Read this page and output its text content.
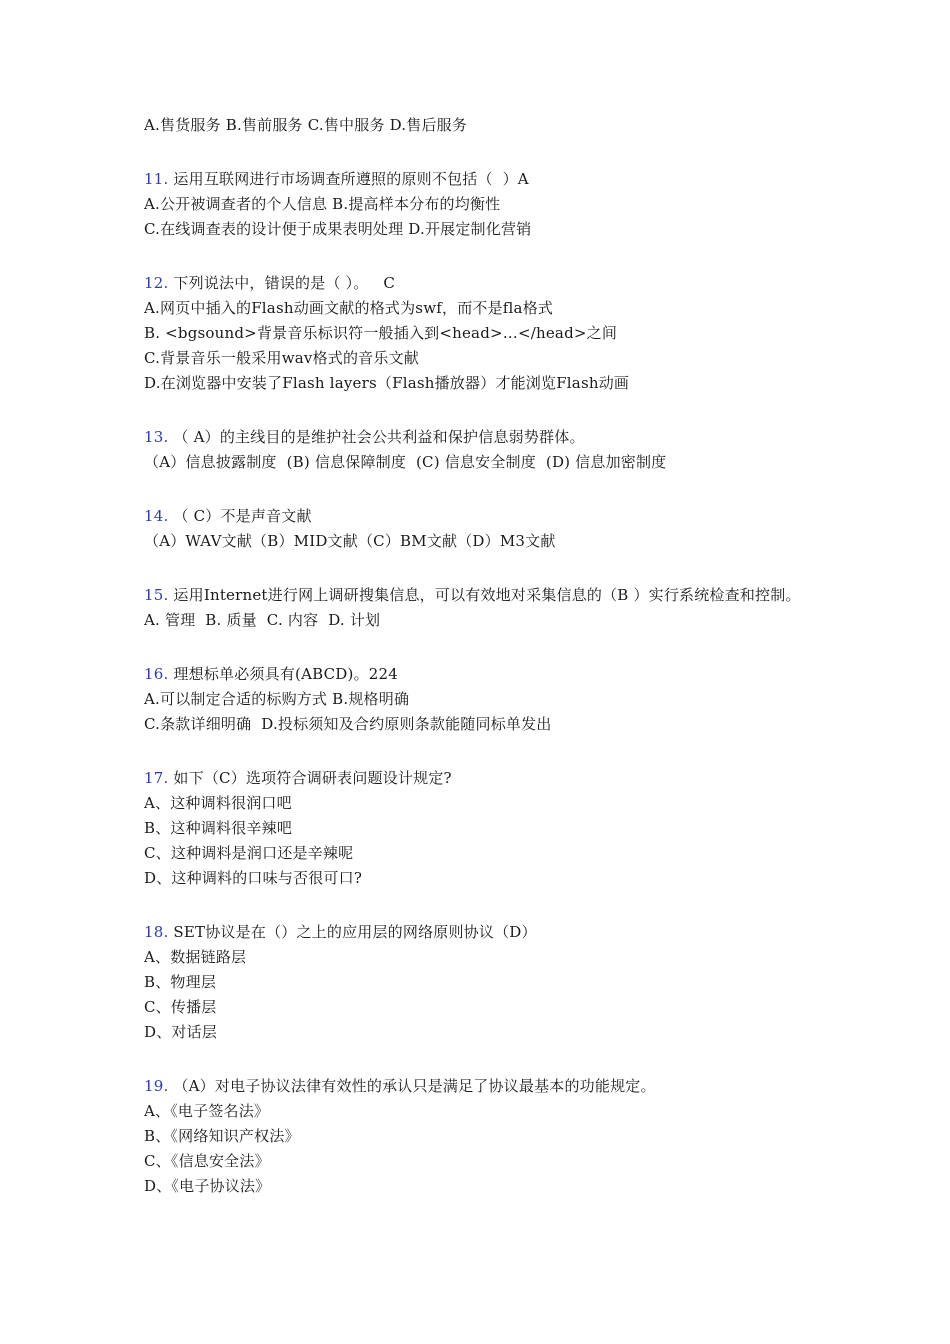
A.售货服务 B.售前服务 C.售中服务 D.售后服务
11. 运用互联网进行市场调查所遵照的原则不包括（  ）A
A.公开被调查者的个人信息 B.提高样本分布的均衡性
C.在线调查表的设计便于成果表明处理 D.开展定制化营销
12. 下列说法中，错误的是（ ）。   C
A.网页中插入的Flash动画文献的格式为swf，而不是fla格式
B. <bgsound>背景音乐标识符一般插入到<head>…</head>之间
C.背景音乐一般采用wav格式的音乐文献
D.在浏览器中安装了Flash layers（Flash播放器）才能浏览Flash动画
13. （ A）的主线目的是维护社会公共利益和保护信息弱势群体。
（A）信息披露制度  (B) 信息保障制度  (C) 信息安全制度  (D) 信息加密制度
14. （ C）不是声音文献
（A）WAV文献（B）MID文献（C）BM文献（D）M3文献
15. 运用Internet进行网上调研搜集信息，可以有效地对采集信息的（B ）实行系统检查和控制。
A. 管理  B. 质量  C. 内容  D. 计划
16. 理想标单必须具有(ABCD)。224
A.可以制定合适的标购方式 B.规格明确
C.条款详细明确  D.投标须知及合约原则条款能随同标单发出
17. 如下（C）选项符合调研表问题设计规定?
A、这种调料很润口吧
B、这种调料很辛辣吧
C、这种调料是润口还是辛辣呢
D、这种调料的口味与否很可口?
18. SET协议是在（）之上的应用层的网络原则协议（D）
A、数据链路层
B、物理层
C、传播层
D、对话层
19. （A）对电子协议法律有效性的承认只是满足了协议最基本的功能规定。
A、《电子签名法》
B、《网络知识产权法》
C、《信息安全法》
D、《电子协议法》
